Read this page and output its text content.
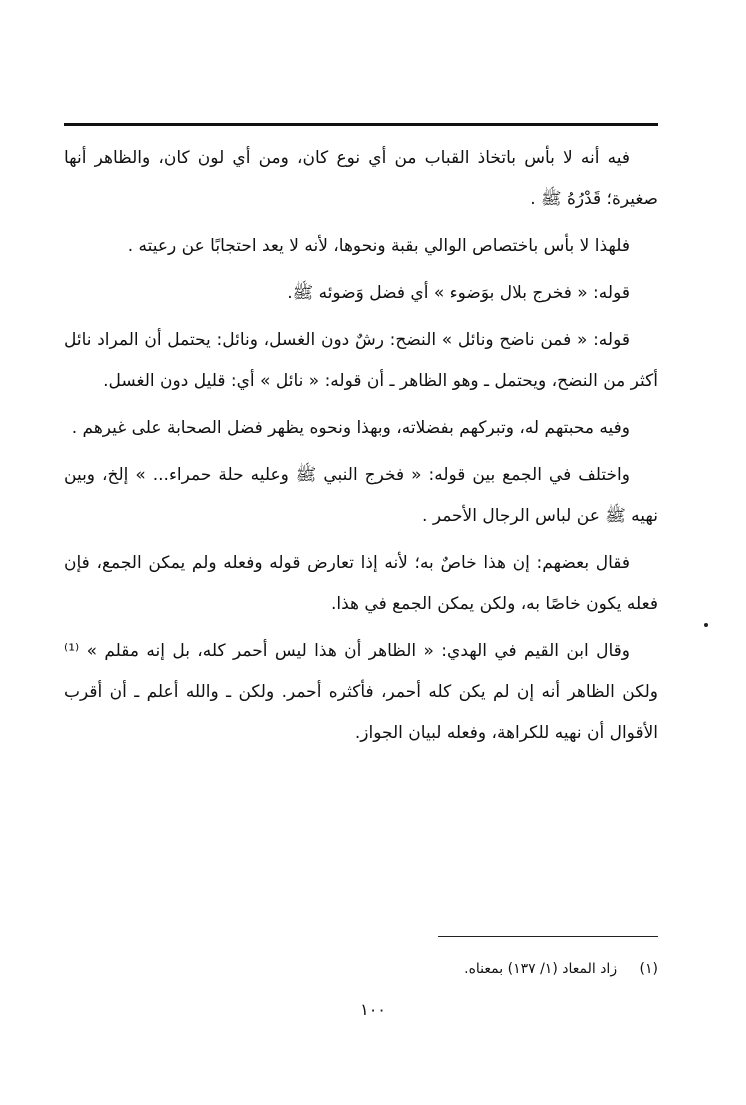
فيه أنه لا بأس باتخاذ القباب من أي نوع كان، ومن أي لون كان، والظاهر أنها صغيرة؛ قَدْرُهُ ﷺ .

فلهذا لا بأس باختصاص الوالي بقبة ونحوها، لأنه لا يعد احتجابًا عن رعيته .

قوله: « فخرج بلال بوَضوء » أي فضل وَضوئه ﷺ.

قوله: « فمن ناضح ونائل » النضح: رشٌ دون الغسل، ونائل: يحتمل أن المراد نائل أكثر من النضح، ويحتمل ـ وهو الظاهر ـ أن قوله: « نائل » أي: قليل دون الغسل.

وفيه محبتهم له، وتبركهم بفضلاته، وبهذا ونحوه يظهر فضل الصحابة على غيرهم .

واختلف في الجمع بين قوله: « فخرج النبي ﷺ وعليه حلة حمراء... » إلخ، وبين نهيه ﷺ عن لباس الرجال الأحمر .

فقال بعضهم: إن هذا خاصٌ به؛ لأنه إذا تعارض قوله وفعله ولم يمكن الجمع، فإن فعله يكون خاصًا به، ولكن يمكن الجمع في هذا.

وقال ابن القيم في الهدي: « الظاهر أن هذا ليس أحمر كله، بل إنه مقلم » ⁽¹⁾ ولكن الظاهر أنه إن لم يكن كله أحمر، فأكثره أحمر. ولكن ـ والله أعلم ـ أن أقرب الأقوال أن نهيه للكراهة، وفعله لبيان الجواز.

(١) زاد المعاد (١/ ١٣٧) بمعناه.
١٠٠
